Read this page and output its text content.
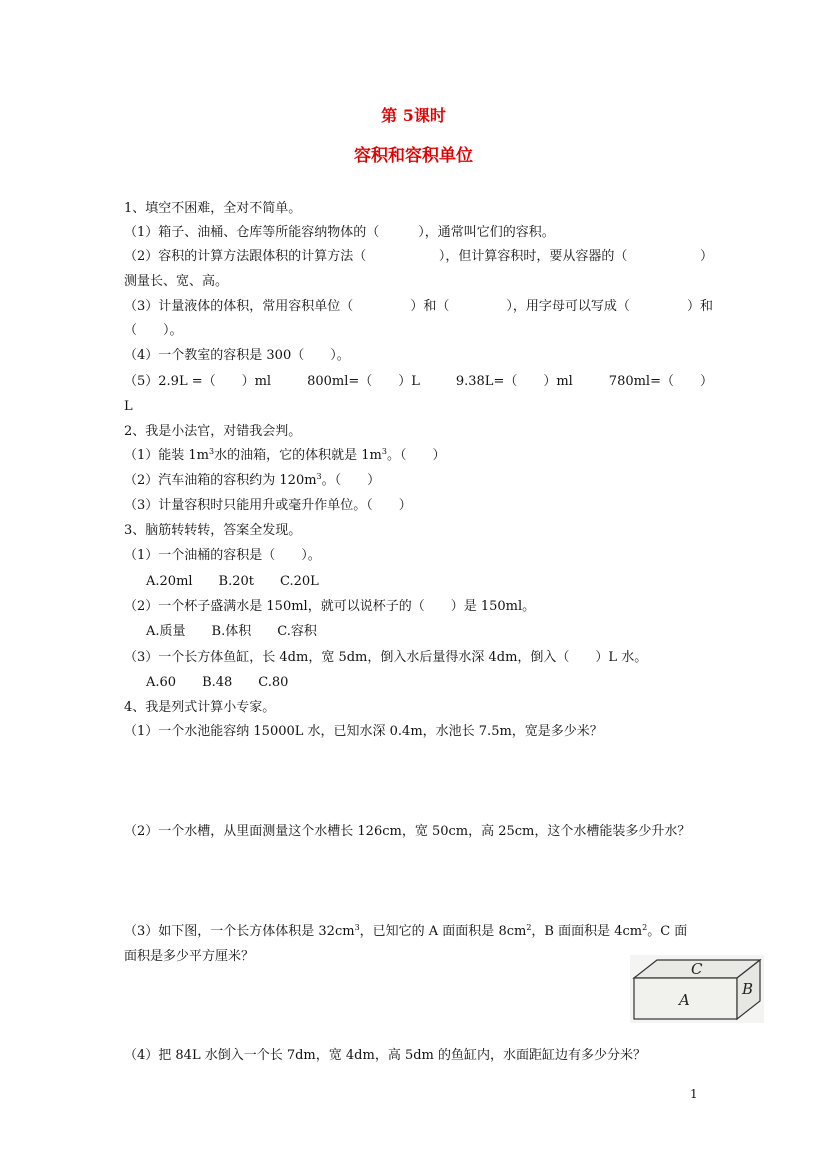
第 5课时
容积和容积单位
1、填空不困难，全对不简单。
（1）箱子、油桶、仓库等所能容纳物体的（　　　），通常叫它们的容积。
（2）容积的计算方法跟体积的计算方法（	），但计算容积时，要从容器的（	）
测量长、宽、高。
（3）计量液体的体积，常用容积单位（	）和（	），用字母可以写成（	）和
（　　）。
（4）一个教室的容积是 300（　　）。
（5）2.9L =（　　）ml	800ml=（　　）L	9.38L=（　　）ml	780ml=（　　）
L
2、我是小法官，对错我会判。
（1）能装 $1m^3$水的油箱，它的体积就是 $1m^3$。（　　）
（2）汽车油箱的容积约为 $120m^3$。（　　）
（3）计量容积时只能用升或毫升作单位。（　　）
3、脑筋转转转，答案全发现。
（1）一个油桶的容积是（　　）。
A.20ml　　B.20t　　C.20L
（2）一个杯子盛满水是 150ml，就可以说杯子的（　　）是 150ml。
A.质量　　B.体积　　C.容积
（3）一个长方体鱼缸，长 4dm，宽 5dm，倒入水后量得水深 4dm，倒入（　　）L 水。
A.60　　B.48　　C.80
4、我是列式计算小专家。
（1）一个水池能容纳 15000L 水，已知水深 0.4m，水池长 7.5m，宽是多少米？
（2）一个水槽，从里面测量这个水槽长 126cm，宽 50cm，高 25cm，这个水槽能装多少升水？
（3）如下图，一个长方体体积是 $32cm^3$，已知它的 A 面面积是 $8cm^2$，B 面面积是 $4cm^2$。C 面
面积是多少平方厘米？
C
A
B
（4）把 84L 水倒入一个长 7dm，宽 4dm，高 5dm 的鱼缸内，水面距缸边有多少分米？
1
